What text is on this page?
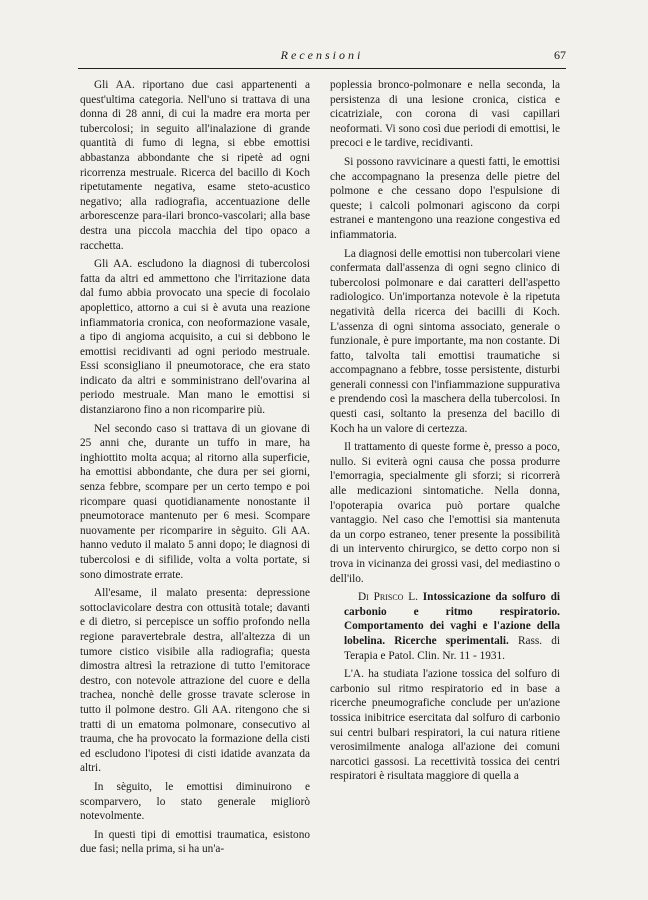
Recensioni	67

Gli AA. riportano due casi appartenenti a quest'ultima categoria. Nell'uno si trattava di una donna di 28 anni, di cui la madre era morta per tubercolosi; in seguito all'inalazione di grande quantità di fumo di legna, si ebbe emottisi abbastanza abbondante che si ripetè ad ogni ricorrenza mestruale. Ricerca del bacillo di Koch ripetutamente negativa, esame steto-acustico negativo; alla radiografia, accentuazione delle arborescenze para-ilari bronco-vascolari; alla base destra una piccola macchia del tipo opaco a racchetta.

Gli AA. escludono la diagnosi di tubercolosi fatta da altri ed ammettono che l'irritazione data dal fumo abbia provocato una specie di focolaio apoplettico, attorno a cui si è avuta una reazione infiammatoria cronica, con neoformazione vasale, a tipo di angioma acquisito, a cui si debbono le emottisi recidivanti ad ogni periodo mestruale. Essi sconsigliano il pneumotorace, che era stato indicato da altri e somministrano dell'ovarina al periodo mestruale. Man mano le emottisi si distanziarono fino a non ricomparire più.

Nel secondo caso si trattava di un giovane di 25 anni che, durante un tuffo in mare, ha inghiottito molta acqua; al ritorno alla superficie, ha emottisi abbondante, che dura per sei giorni, senza febbre, scompare per un certo tempo e poi ricompare quasi quotidianamente nonostante il pneumotorace mantenuto per 6 mesi. Scompare nuovamente per ricomparire in sèguito. Gli AA. hanno veduto il malato 5 anni dopo; le diagnosi di tubercolosi e di sifilide, volta a volta portate, si sono dimostrate errate.

All'esame, il malato presenta: depressione sottoclavicolare destra con ottusità totale; davanti e di dietro, si percepisce un soffio profondo nella regione paravertebrale destra, all'altezza di un tumore cistico visibile alla radiografia; questa dimostra altresì la retrazione di tutto l'emitorace destro, con notevole attrazione del cuore e della trachea, nonchè delle grosse travate sclerose in tutto il polmone destro. Gli AA. ritengono che si tratti di un ematoma polmonare, consecutivo al trauma, che ha provocato la formazione della cisti ed escludono l'ipotesi di cisti idatide avanzata da altri.

In sèguito, le emottisi diminuirono e scomparvero, lo stato generale migliorò notevolmente.

In questi tipi di emottisi traumatica, esistono due fasi; nella prima, si ha un'a-

poplessia bronco-polmonare e nella seconda, la persistenza di una lesione cronica, cistica e cicatriziale, con corona di vasi capillari neoformati. Vi sono così due periodi di emottisi, le precoci e le tardive, recidivanti.

Si possono ravvicinare a questi fatti, le emottisi che accompagnano la presenza delle pietre del polmone e che cessano dopo l'espulsione di queste; i calcoli polmonari agiscono da corpi estranei e mantengono una reazione congestiva ed infiammatoria.

La diagnosi delle emottisi non tubercolari viene confermata dall'assenza di ogni segno clinico di tubercolosi polmonare e dai caratteri dell'aspetto radiologico. Un'importanza notevole è la ripetuta negatività della ricerca dei bacilli di Koch. L'assenza di ogni sintoma associato, generale o funzionale, è pure importante, ma non costante. Di fatto, talvolta tali emottisi traumatiche si accompagnano a febbre, tosse persistente, disturbi generali connessi con l'infiammazione suppurativa e prendendo così la maschera della tubercolosi. In questi casi, soltanto la presenza del bacillo di Koch ha un valore di certezza.

Il trattamento di queste forme è, presso a poco, nullo. Si eviterà ogni causa che possa produrre l'emorragia, specialmente gli sforzi; si ricorrerà alle medicazioni sintomatiche. Nella donna, l'opoterapia ovarica può portare qualche vantaggio. Nel caso che l'emottisi sia mantenuta da un corpo estraneo, tener presente la possibilità di un intervento chirurgico, se detto corpo non si trova in vicinanza dei grossi vasi, del mediastino o dell'ilo.

Di Prisco L. Intossicazione da solfuro di carbonio e ritmo respiratorio. Comportamento dei vaghi e l'azione della lobelina. Ricerche sperimentali. Rass. di Terapia e Patol. Clin. Nr. 11 - 1931.

L'A. ha studiata l'azione tossica del solfuro di carbonio sul ritmo respiratorio ed in base a ricerche pneumografiche conclude per un'azione tossica inibitrice esercitata dal solfuro di carbonio sui centri bulbari respiratori, la cui natura ritiene verosimilmente analoga all'azione dei comuni narcotici gassosi. La recettività tossica dei centri respiratori è risultata maggiore di quella a
